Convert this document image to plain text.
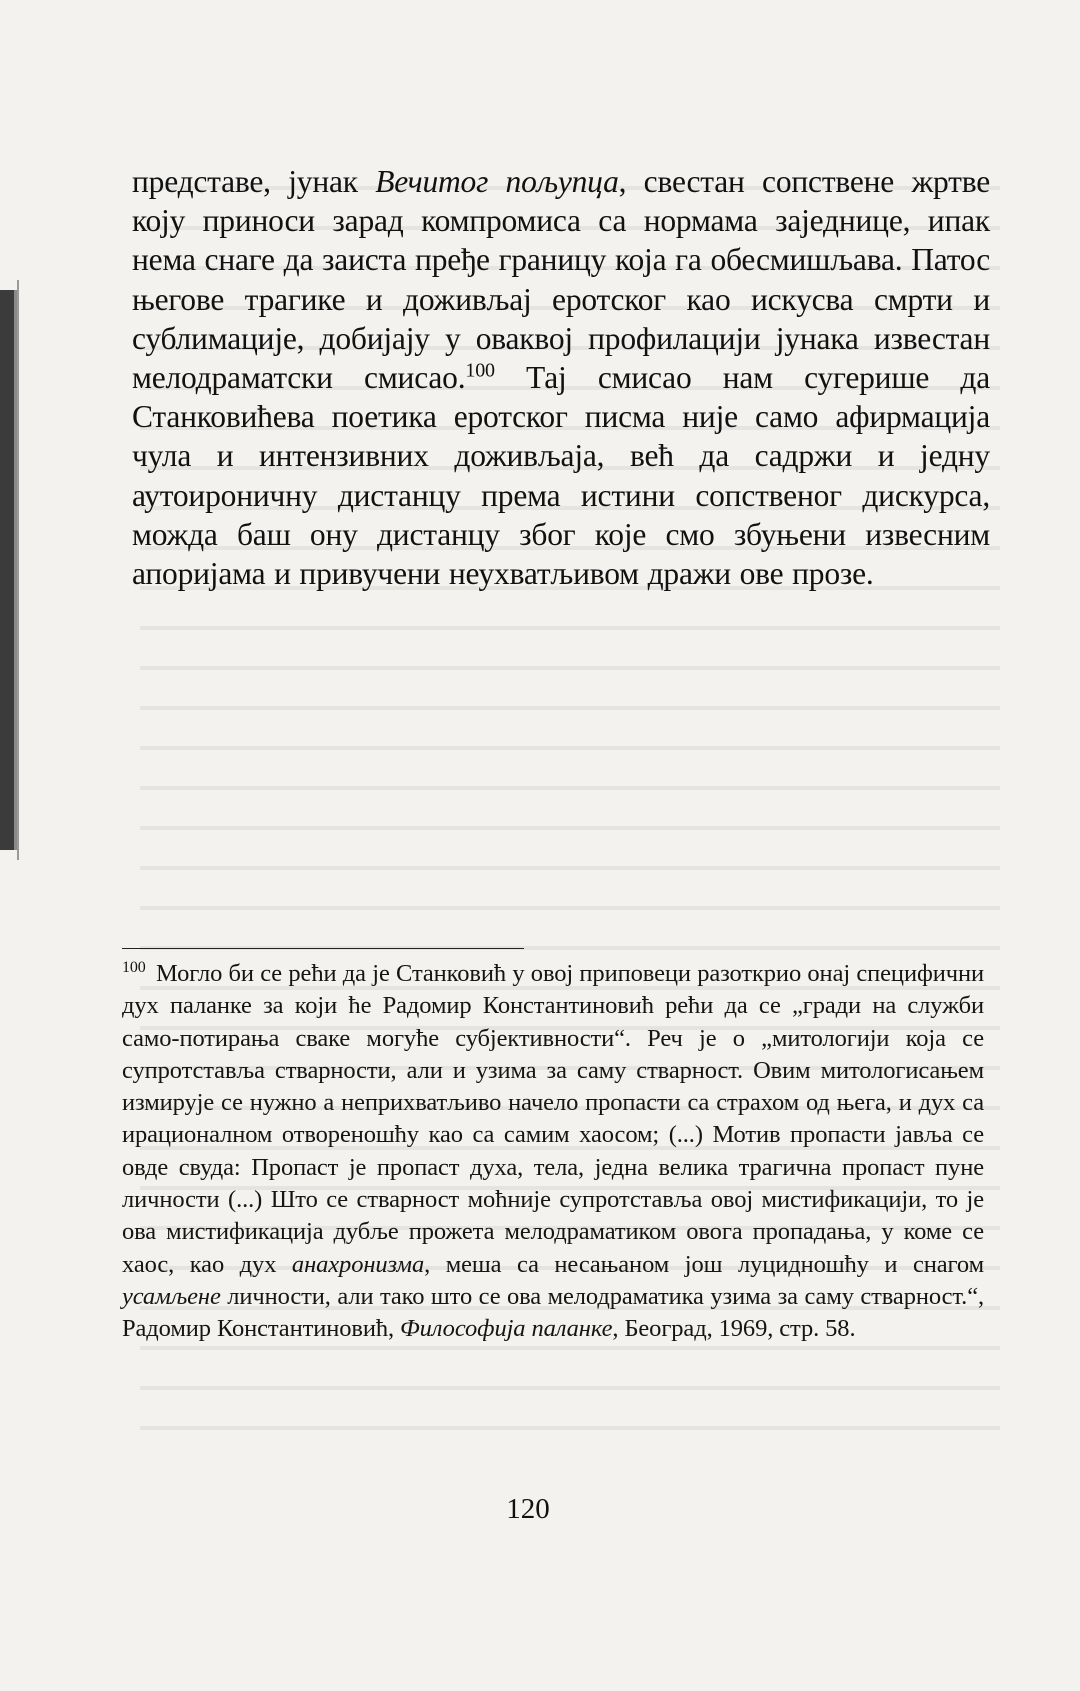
представе, јунак Вечитог пољупца, свестан сопствене жртве коју приноси зарад компромиса са нормама заједнице, ипак нема снаге да заиста пређе границу која га обесмишљава. Патос његове трагике и доживљај еротског као искусва смрти и сублимације, добијају у оваквој профилацији јунака известан мелодраматски смисао.$^{100}$ Тај смисао нам сугерише да Станковићева поетика еротског писма није само афирмација чула и интензивних доживљаја, већ да садржи и једну аутоироничну дистанцу према истини сопственог дискурса, можда баш ону дистанцу због које смо збуњени извесним апоријама и привучени неухватљивом дражи ове прозе.

$^{100}$ Могло би се рећи да је Станковић у овој приповеци разоткрио онај специфични дух паланке за који ће Радомир Константиновић рећи да се „гради на служби само-потирања сваке могуће субјективности“. Реч је о „митологији која се супротставља стварности, али и узима за саму стварност. Овим митологисањем измирује се нужно а неприхватљиво начело пропасти са страхом од њега, и дух са ирационалном отвореношћу као са самим хаосом; (...) Мотив пропасти јавља се овде свуда: Пропаст је пропаст духа, тела, једна велика трагична пропаст пуне личности (...) Што се стварност моћније супротставља овој мистификацији, то је ова мистификација дубље прожета мелодраматиком овога пропадања, у коме се хаос, као дух анахронизма, меша са несањаном још луцидношћу и снагом усамљене личности, али тако што се ова мелодраматика узима за саму стварност.“, Радомир Константиновић, Философија паланке, Београд, 1969, стр. 58.

120
